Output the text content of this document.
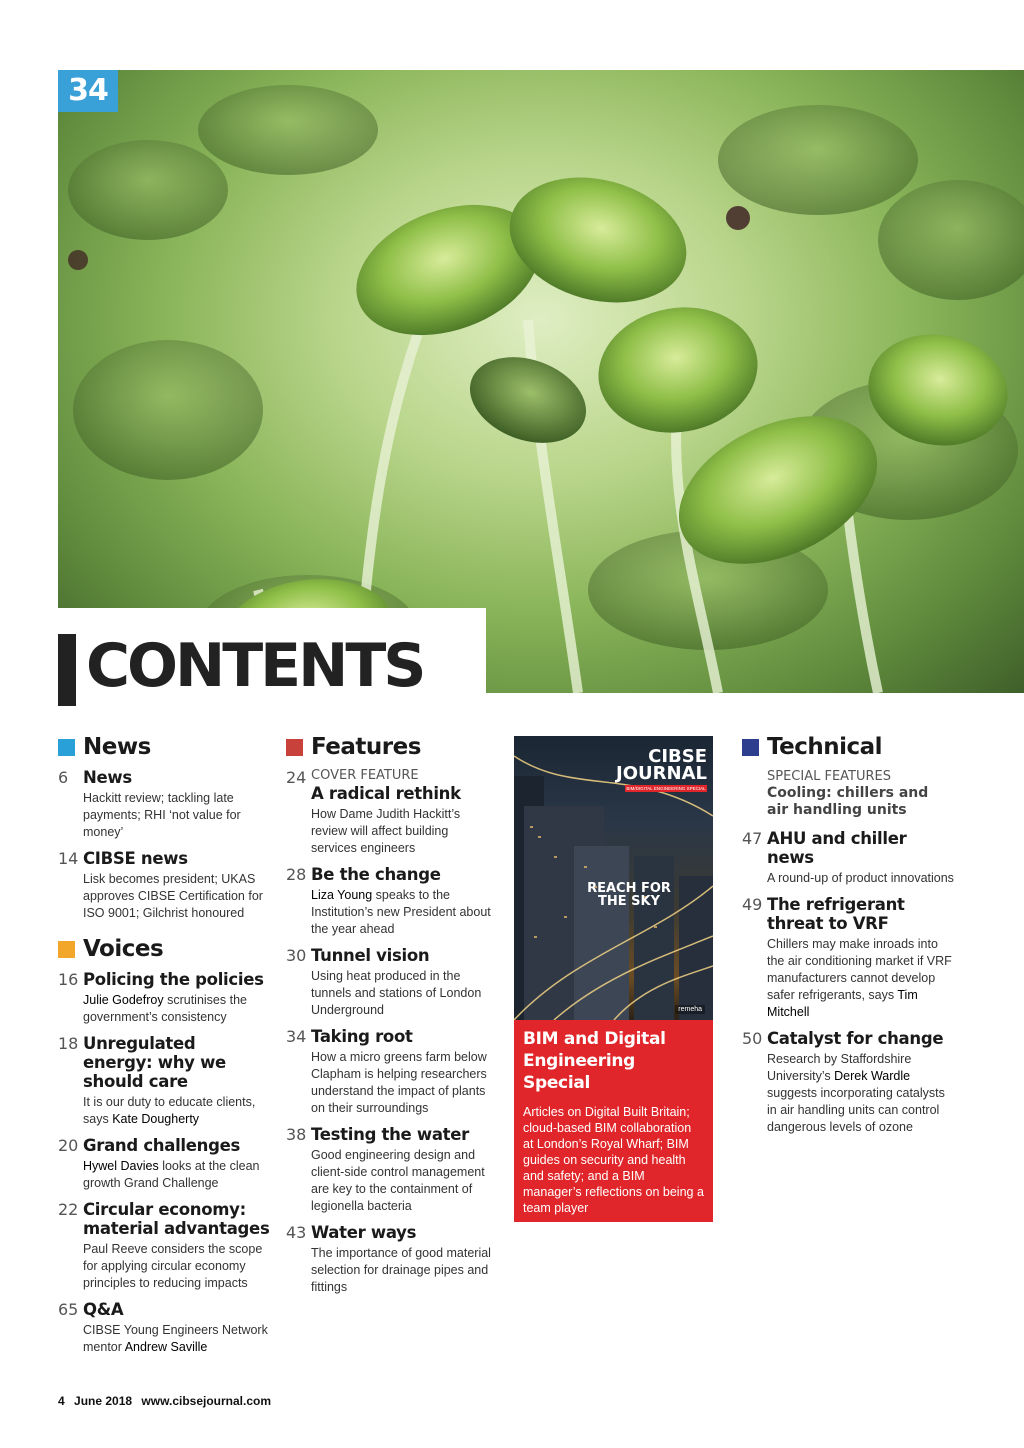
34
CONTENTS
News
6 News
Hackitt review; tackling late payments; RHI ‘not value for money’
14 CIBSE news
Lisk becomes president; UKAS approves CIBSE Certification for ISO 9001; Gilchrist honoured
Voices
16 Policing the policies
Julie Godefroy scrutinises the government’s consistency
18 Unregulated energy: why we should care
It is our duty to educate clients, says Kate Dougherty
20 Grand challenges
Hywel Davies looks at the clean growth Grand Challenge
22 Circular economy: material advantages
Paul Reeve considers the scope for applying circular economy principles to reducing impacts
65 Q&A
CIBSE Young Engineers Network mentor Andrew Saville
Features
24 COVER FEATURE
A radical rethink
How Dame Judith Hackitt’s review will affect building services engineers
28 Be the change
Liza Young speaks to the Institution’s new President about the year ahead
30 Tunnel vision
Using heat produced in the tunnels and stations of London Underground
34 Taking root
How a micro greens farm below Clapham is helping researchers understand the impact of plants on their surroundings
38 Testing the water
Good engineering design and client-side control management are key to the containment of legionella bacteria
43 Water ways
The importance of good material selection for drainage pipes and fittings
CIBSE
JOURNAL
BIM/DIGITAL ENGINEERING SPECIAL
REACH FOR THE SKY
remeha
BIM and Digital Engineering Special
Articles on Digital Built Britain; cloud-based BIM collaboration at London’s Royal Wharf; BIM guides on security and health and safety; and a BIM manager’s reflections on being a team player
Technical
SPECIAL FEATURES
Cooling: chillers and air handling units
47 AHU and chiller news
A round-up of product innovations
49 The refrigerant threat to VRF
Chillers may make inroads into the air conditioning market if VRF manufacturers cannot develop safer refrigerants, says Tim Mitchell
50 Catalyst for change
Research by Staffordshire University’s Derek Wardle suggests incorporating catalysts in air handling units can control dangerous levels of ozone
4 June 2018 www.cibsejournal.com
